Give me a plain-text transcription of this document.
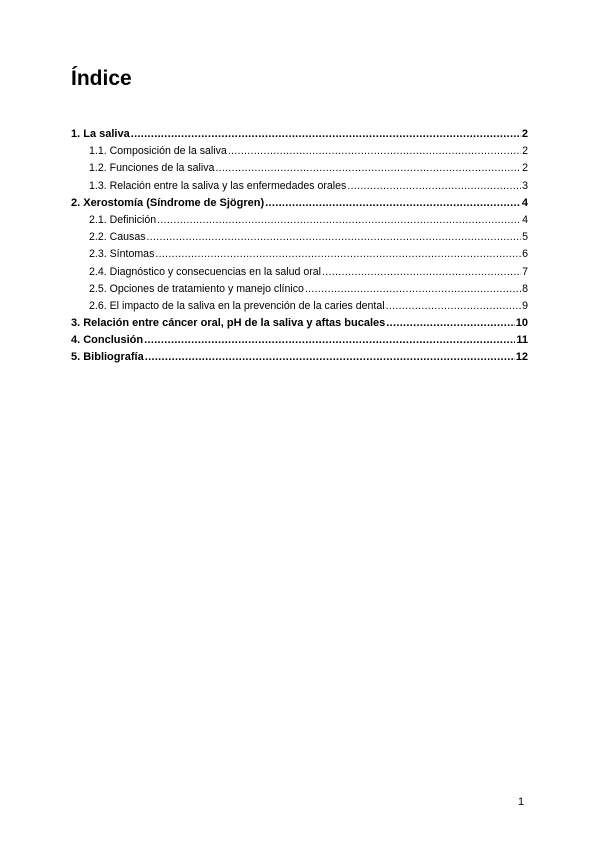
Índice
1. La saliva .....	2
1.1. Composición de la saliva .....	2
1.2. Funciones de la saliva .....	2
1.3. Relación entre la saliva y las enfermedades orales .....	3
2. Xerostomía (Síndrome de Sjögren) .....	4
2.1. Definición .....	4
2.2. Causas .....	5
2.3. Síntomas .....	6
2.4. Diagnóstico y consecuencias en la salud oral .....	7
2.5. Opciones de tratamiento y manejo clínico .....	8
2.6. El impacto de la saliva en la prevención de la caries dental .....	9
3. Relación entre cáncer oral, pH de la saliva y aftas bucales .....	10
4. Conclusión .....	11
5. Bibliografía .....	12
1
